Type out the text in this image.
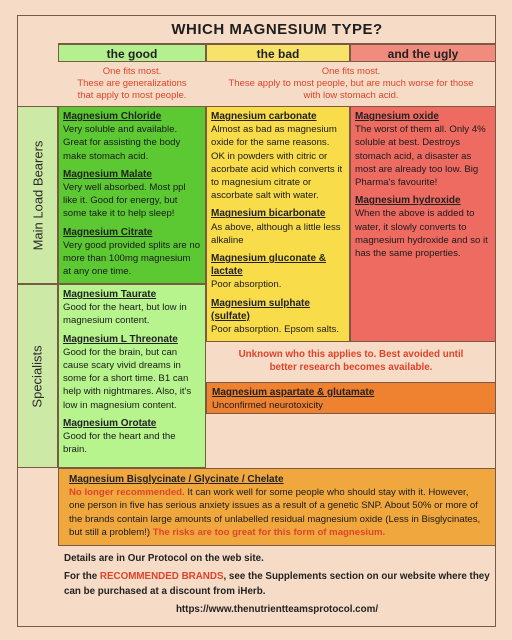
WHICH MAGNESIUM TYPE?
the good	the bad	and the ugly
One fits most.
These are generalizations
that apply to most people.
One fits most.
These apply to most people, but are much worse for those
with low stomach acid.
Main Load Bearers
Specialists

Magnesium Chloride
Very soluble and available. Great for assisting the body make stomach acid.

Magnesium Malate
Very well absorbed. Most ppl like it. Good for energy, but some take it to help sleep!

Magnesium Citrate
Very good provided splits are no more than 100mg magnesium at any one time.

Magnesium Taurate
Good for the heart, but low in magnesium content.

Magnesium L Threonate
Good for the brain, but can cause scary vivid dreams in some for a short time. B1 can help with nightmares. Also, it's low in magnesium content.

Magnesium Orotate
Good for the heart and the brain.

Magnesium carbonate
Almost as bad as magnesium oxide for the same reasons. OK in powders with citric or acorbate acid which converts it to magnesium citrate or ascorbate salt with water.

Magnesium bicarbonate
As above, although a little less alkaline

Magnesium gluconate & lactate
Poor absorption.

Magnesium sulphate (sulfate)
Poor absorption. Epsom salts.

Magnesium oxide
The worst of them all. Only 4% soluble at best. Destroys stomach acid, a disaster as most are already too low. Big Pharma's favourite!

Magnesium hydroxide
When the above is added to water, it slowly converts to magnesium hydroxide and so it has the same properties.

Unknown who this applies to. Best avoided until better research becomes available.
Magnesium aspartate & glutamate
Unconfirmed neurotoxicity
Magnesium Bisglycinate / Glycinate / Chelate
No longer recommended. It can work well for some people who should stay with it. However, one person in five has serious anxiety issues as a result of a genetic SNP. About 50% or more of the brands contain large amounts of unlabelled residual magnesium oxide (Less in Bisglycinates, but still a problem!) The risks are too great for this form of magnesium.
Details are in Our Protocol on the web site.
For the RECOMMENDED BRANDS, see the Supplements section on our website where they can be purchased at a discount from iHerb.
https://www.thenutrientteamsprotocol.com/
